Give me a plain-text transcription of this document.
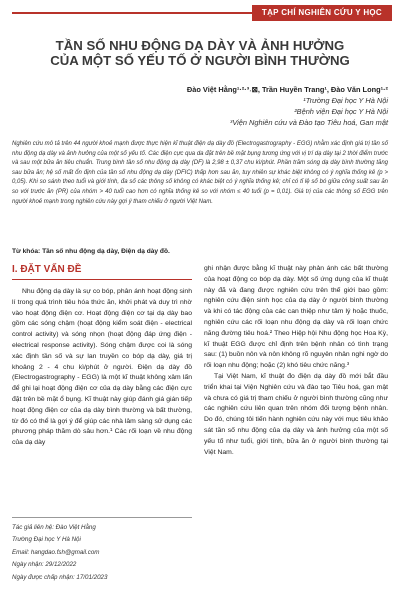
TẠP CHÍ NGHIÊN CỨU Y HỌC
TẦN SỐ NHU ĐỘNG DẠ DÀY VÀ ẢNH HƯỞNG
CỦA MỘT SỐ YẾU TỐ Ở NGƯỜI BÌNH THƯỜNG
Đào Việt Hằng¹·²·³˒⊠, Trần Huyền Trang¹, Đào Văn Long¹·²
¹Trường Đại học Y Hà Nội
²Bệnh viện Đại học Y Hà Nội
³Viện Nghiên cứu và Đào tạo Tiêu hoá, Gan mật
Nghiên cứu mô tả trên 44 người khoẻ mạnh được thực hiện kĩ thuật điện dạ dày đồ (Electrogastrography - EGG) nhằm xác định giá trị tần số nhu động dạ dày và ảnh hưởng của một số yếu tố. Các điện cực qua da đặt trên bề mặt bụng tương ứng với vị trí dạ dày tại 2 thời điểm trước và sau một bữa ăn tiêu chuẩn. Trung bình tần số nhu động dạ dày (DF) là 2,98 ± 0,37 chu kì/phút. Phần trăm sóng dạ dày bình thường tăng sau bữa ăn; hệ số mất ổn định của tần số nhu động dạ dày (DFIC) thấp hơn sau ăn, tuy nhiên sự khác biệt không có ý nghĩa thống kê (p > 0,05). Khi so sánh theo tuổi và giới tính, đa số các thông số không có khác biệt có ý nghĩa thống kê; chỉ có tỉ lệ số bó giữa công suất sau ăn so với trước ăn (PR) của nhóm > 40 tuổi cao hơn có nghĩa thống kê so với nhóm ≤ 40 tuổi (p = 0,01). Giá trị của các thông số EGG trên người khoẻ mạnh trong nghiên cứu này gợi ý tham chiếu ở người Việt Nam.
Từ khóa: Tần số nhu động dạ dày, Điện dạ dày đồ.
I. ĐẶT VẤN ĐỀ

Nhu động dạ dày là sự co bóp, phân ánh hoạt động sinh lí trong quá trình tiêu hóa thức ăn, khởi phát và duy trì nhờ vào hoạt động điện cơ. Hoạt động điện cơ tại dạ dày bao gồm các sóng chậm (hoạt động kiểm soát điện - electrical control activity) và sóng nhọn (hoạt động đáp ứng điện - electrical response activity). Sóng chậm được coi là sóng xác định tần số và sự lan truyền co bóp dạ dày, giá trị khoảng 2 - 4 chu kì/phút ở người. Điện dạ dày đồ (Electrogastrography - EGG) là một kĩ thuật không xâm lấn để ghi lại hoạt động điện cơ của dạ dày bằng các điện cực đặt trên bề mặt ổ bụng. Kĩ thuật này giúp đánh giá gián tiếp hoạt động điện cơ của dạ dày bình thường và bất thường, từ đó có thể là gợi ý để giúp các nhà lâm sàng sử dụng các phương pháp thăm dò sâu hơn.¹ Các rối loạn về nhu động của dạ dày

ghi nhận được bằng kĩ thuật này phản ánh các bất thường của hoạt động co bóp dạ dày. Một số ứng dụng của kĩ thuật này đã và đang được nghiên cứu trên thế giới bao gồm: nghiên cứu điện sinh học của dạ dày ở người bình thường và khi có tác động của các can thiệp như tâm lý hoặc thuốc, nghiên cứu các rối loạn nhu động dạ dày và rối loạn chức năng đường tiêu hoá.² Theo Hiệp hội Nhu động học Hoa Kỳ, kĩ thuật EGG được chỉ định trên bệnh nhân có tình trạng sau: (1) buồn nôn và nôn không rõ nguyên nhân nghi ngờ do rối loạn nhu động; hoặc (2) khó tiêu chức năng.³

Tại Việt Nam, kĩ thuật đo điện dạ dày đồ mới bắt đầu triển khai tại Viện Nghiên cứu và đào tạo Tiêu hoá, gan mật và chưa có giá trị tham chiếu ở người bình thường cũng như các nghiên cứu liên quan trên nhóm đối tượng bệnh nhân. Do đó, chúng tôi tiến hành nghiên cứu này với mục tiêu khảo sát tần số nhu động của dạ dày và ảnh hưởng của một số yếu tố như tuổi, giới tính, bữa ăn ở người bình thường tại Việt Nam.

Tác giả liên hệ: Đào Việt Hằng
Trường Đại học Y Hà Nội
Email: hangdao.fsh@gmail.com
Ngày nhận: 29/12/2022
Ngày được chấp nhận: 17/01/2023
